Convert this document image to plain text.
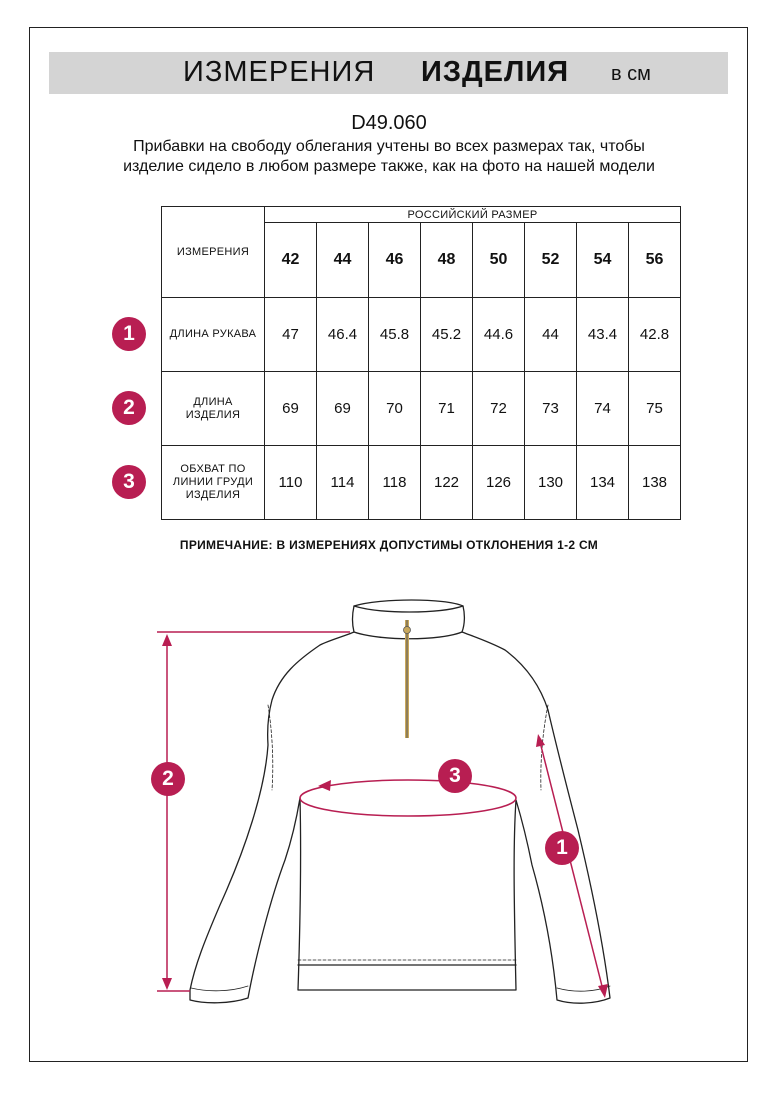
ИЗМЕРЕНИЯ ИЗДЕЛИЯ в см
D49.060
Прибавки на свободу облегания учтены во всех размерах так, чтобы изделие сидело в любом размере также, как на фото на нашей модели
ИЗМЕРЕНИЯ	РОССИЙСКИЙ РАЗМЕР							
	42	44	46	48	50	52	54	56
ДЛИНА РУКАВА	47	46.4	45.8	45.2	44.6	44	43.4	42.8
ДЛИНА ИЗДЕЛИЯ	69	69	70	71	72	73	74	75
ОБХВАТ ПО ЛИНИИ ГРУДИ ИЗДЕЛИЯ	110	114	118	122	126	130	134	138
1
2
3
ПРИМЕЧАНИЕ: В ИЗМЕРЕНИЯХ ДОПУСТИМЫ ОТКЛОНЕНИЯ 1-2 СМ
2	3
1
